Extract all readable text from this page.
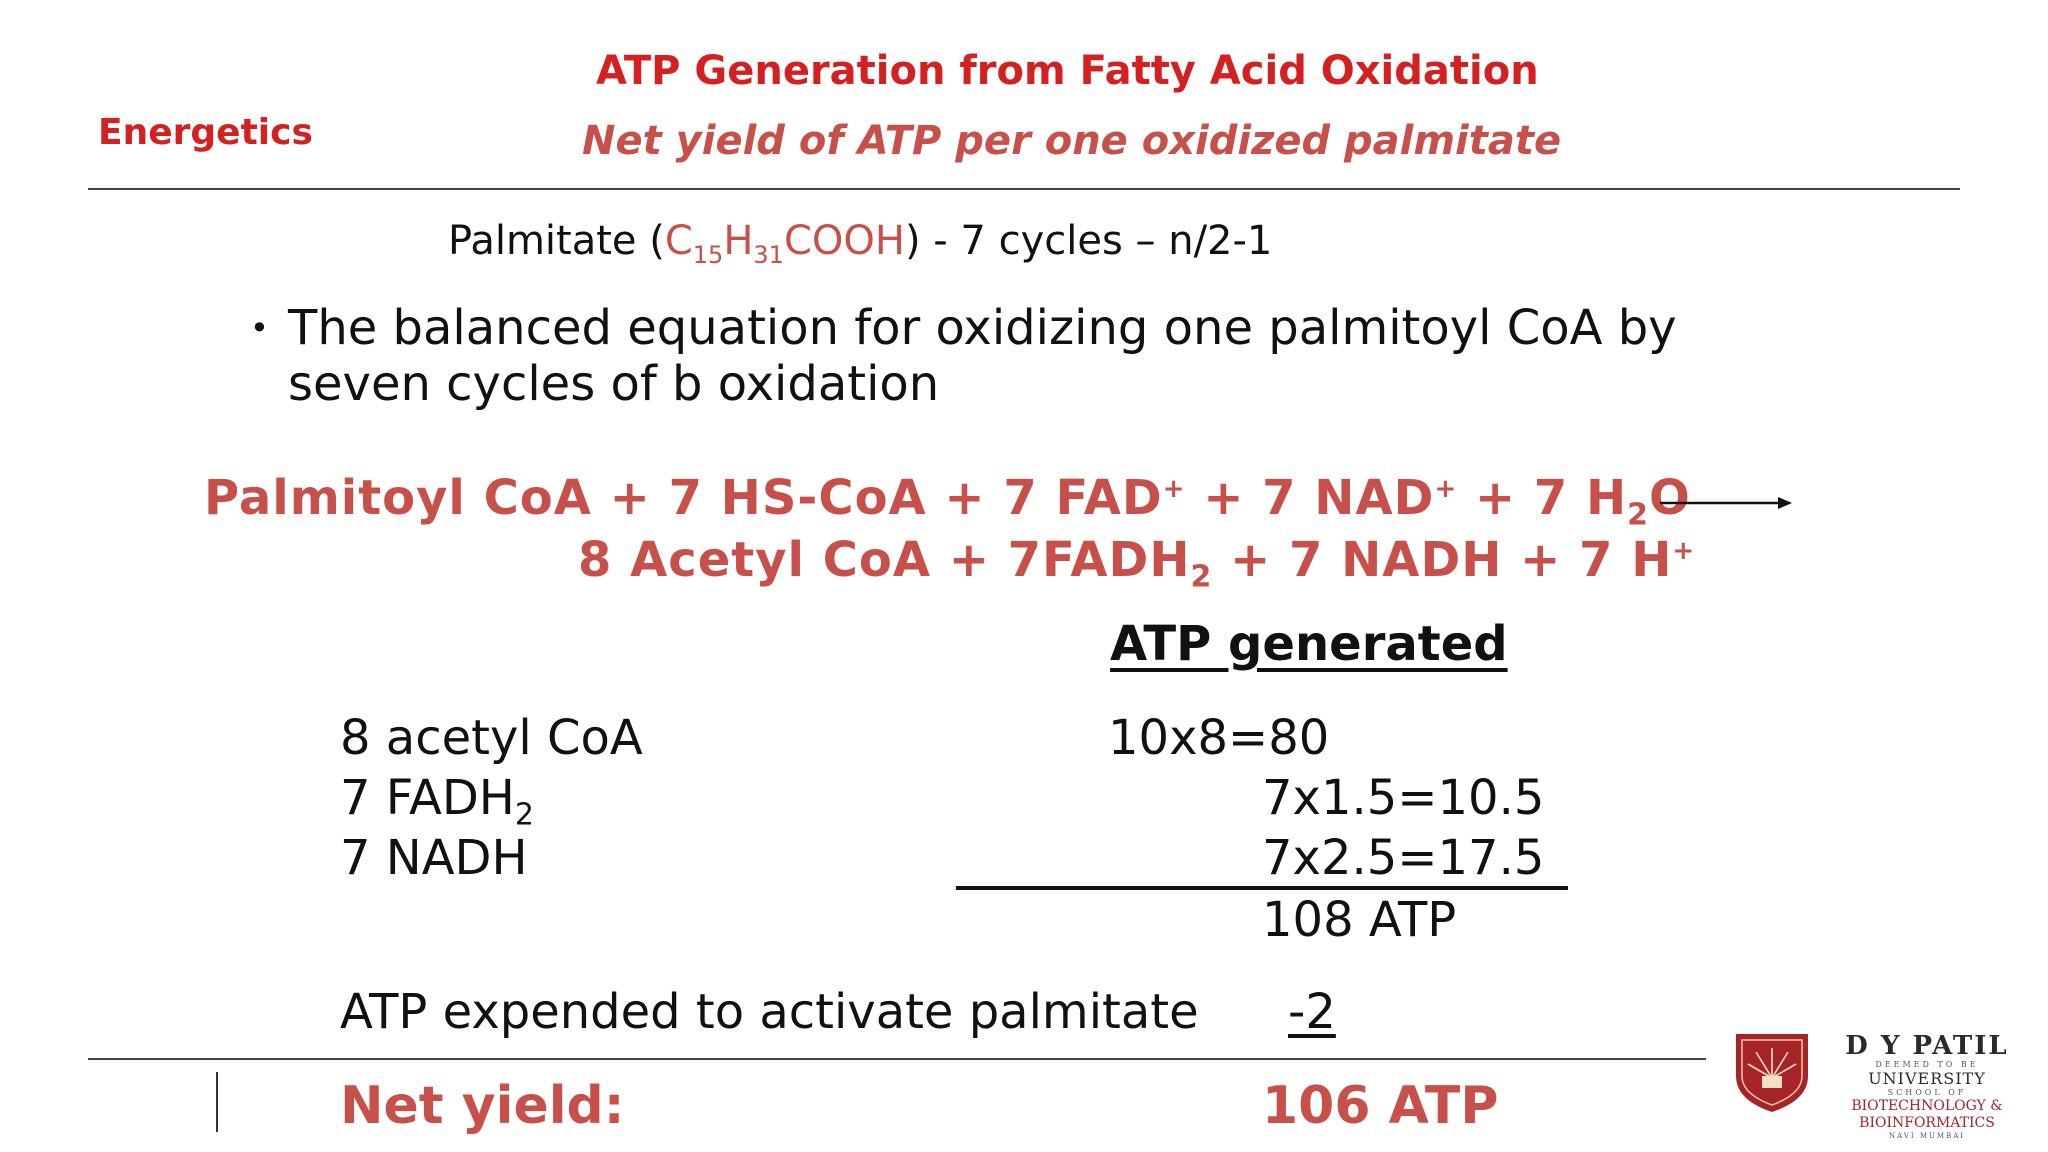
ATP Generation from Fatty Acid Oxidation
Net yield of ATP per one oxidized palmitate
Energetics
Palmitate $(C_{15}H_{31}COOH) - 7$ cycles – n/2-1
• The balanced equation for oxidizing one palmitoyl CoA by
seven cycles of b oxidation
Palmitoyl CoA + 7 HS-CoA + 7 FAD+ + 7 NAD+ + 7 $H_2O$
8 Acetyl CoA + $7FADH_2 + 7$ NADH + 7 H+
ATP generated
8 acetyl CoA	10x8=80
7 $FADH_2$	7x1.5=10.5
7 NADH	7x2.5=17.5
108 ATP
ATP expended to activate palmitate -2
Net yield:	106 ATP
D Y PATIL
DEEMED TO BE
UNIVERSITY
SCHOOL OF
BIOTECHNOLOGY &
BIOINFORMATICS
NAVI MUMBAI
